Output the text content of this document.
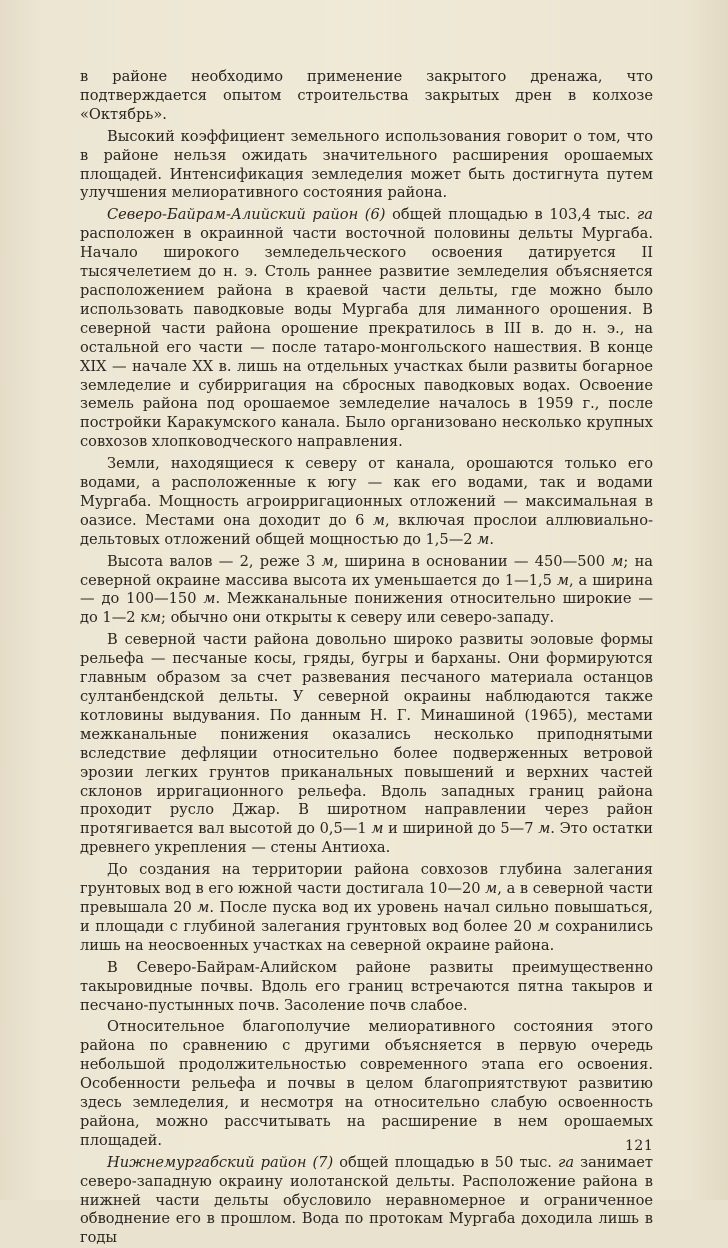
в районе необходимо применение закрытого дренажа, что подтверждается опытом строительства закрытых дрен в колхозе «Октябрь».

Высокий коэффициент земельного использования говорит о том, что в районе нельзя ожидать значительного расширения орошаемых площадей. Интенсификация земледелия может быть достигнута путем улучшения мелиоративного состояния района.

Северо-Байрам-Алийский район (6) общей площадью в 103,4 тыс. га расположен в окраинной части восточной половины дельты Мургаба. Начало широкого земледельческого освоения датируется II тысячелетием до н. э. Столь раннее развитие земледелия объясняется расположением района в краевой части дельты, где можно было использовать паводковые воды Мургаба для лиманного орошения. В северной части района орошение прекратилось в III в. до н. э., на остальной его части — после татаро-монгольского нашествия. В конце XIX — начале XX в. лишь на отдельных участках были развиты богарное земледелие и субирригация на сбросных паводковых водах. Освоение земель района под орошаемое земледелие началось в 1959 г., после постройки Каракумского канала. Было организовано несколько крупных совхозов хлопководческого направления.

Земли, находящиеся к северу от канала, орошаются только его водами, а расположенные к югу — как его водами, так и водами Мургаба. Мощность агроирригационных отложений — максимальная в оазисе. Местами она доходит до 6 м, включая прослои аллювиально-дельтовых отложений общей мощностью до 1,5—2 м.

Высота валов — 2, реже 3 м, ширина в основании — 450—500 м; на северной окраине массива высота их уменьшается до 1—1,5 м, а ширина — до 100—150 м. Межканальные понижения относительно широкие — до 1—2 км; обычно они открыты к северу или северо-западу.

В северной части района довольно широко развиты эоловые формы рельефа — песчаные косы, гряды, бугры и барханы. Они формируются главным образом за счет развевания песчаного материала останцов султанбендской дельты. У северной окраины наблюдаются также котловины выдувания. По данным Н. Г. Минашиной (1965), местами межканальные понижения оказались несколько приподнятыми вследствие дефляции относительно более подверженных ветровой эрозии легких грунтов приканальных повышений и верхних частей склонов ирригационного рельефа. Вдоль западных границ района проходит русло Джар. В широтном направлении через район протягивается вал высотой до 0,5—1 м и шириной до 5—7 м. Это остатки древнего укрепления — стены Антиоха.

До создания на территории района совхозов глубина залегания грунтовых вод в его южной части достигала 10—20 м, а в северной части превышала 20 м. После пуска вод их уровень начал сильно повышаться, и площади с глубиной залегания грунтовых вод более 20 м сохранились лишь на неосвоенных участках на северной окраине района.

В Северо-Байрам-Алийском районе развиты преимущественно такыровидные почвы. Вдоль его границ встречаются пятна такыров и песчано-пустынных почв. Засоление почв слабое.

Относительное благополучие мелиоративного состояния этого района по сравнению с другими объясняется в первую очередь небольшой продолжительностью современного этапа его освоения. Особенности рельефа и почвы в целом благоприятствуют развитию здесь земледелия, и несмотря на относительно слабую освоенность района, можно рассчитывать на расширение в нем орошаемых площадей.

Нижнемургабский район (7) общей площадью в 50 тыс. га занимает северо-западную окраину иолотанской дельты. Расположение района в нижней части дельты обусловило неравномерное и ограниченное обводнение его в прошлом. Вода по протокам Мургаба доходила лишь в годы

121
